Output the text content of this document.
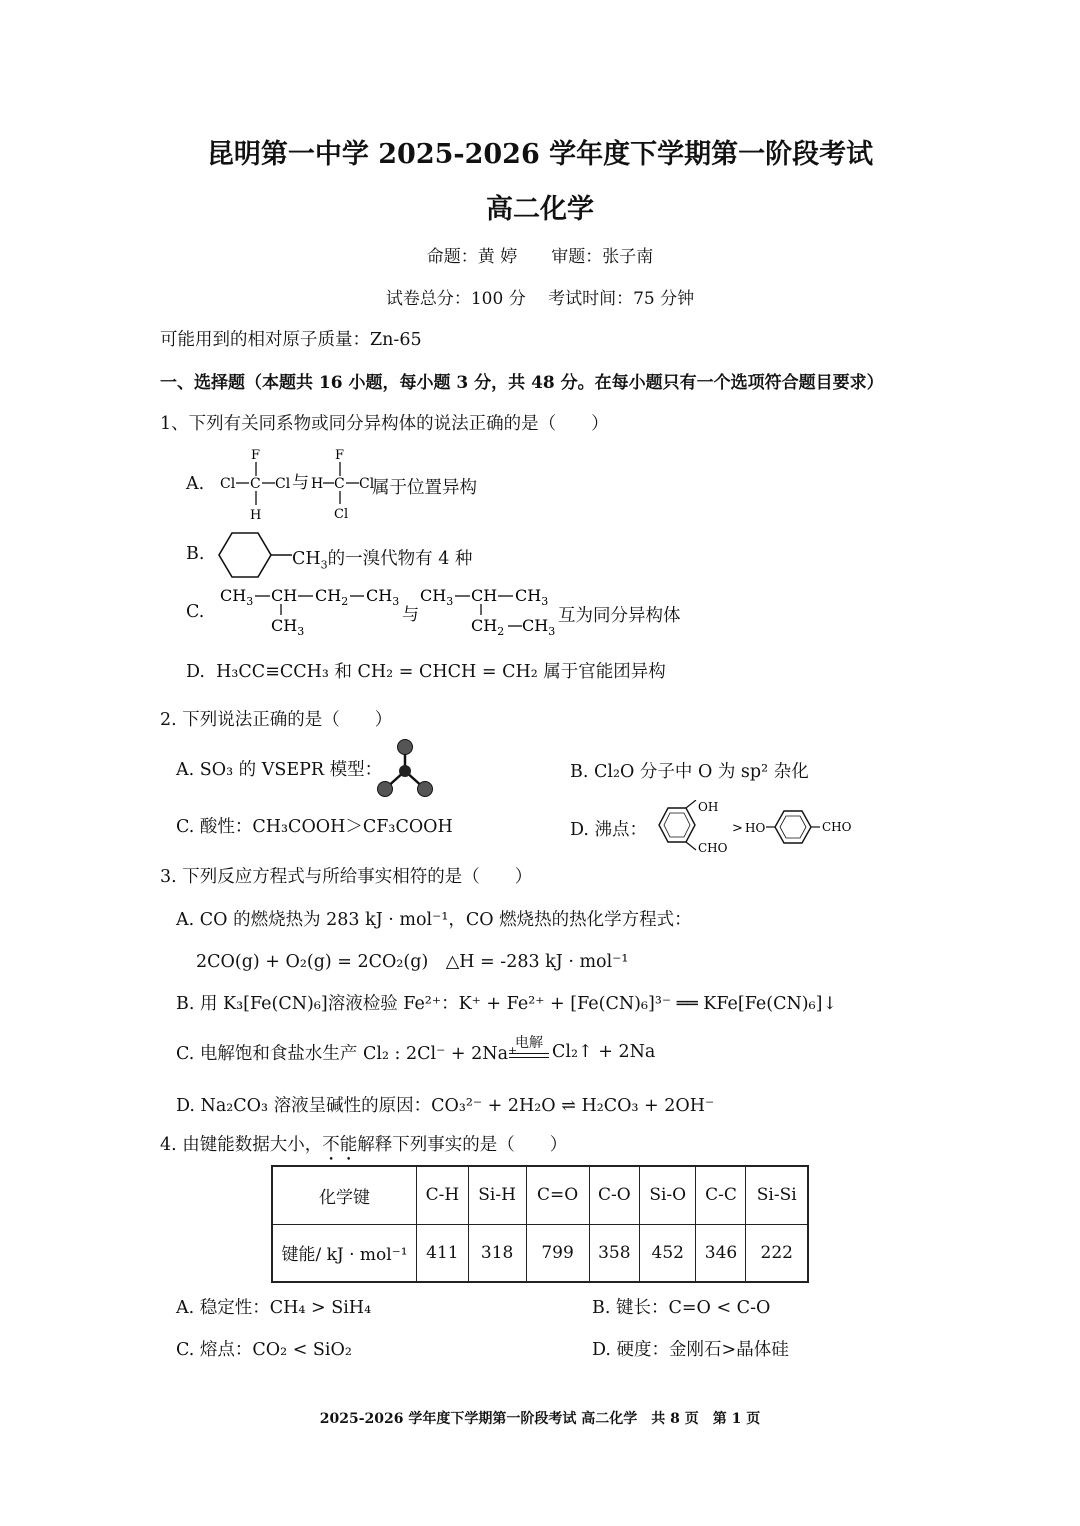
昆明第一中学 2025-2026 学年度下学期第一阶段考试
高二化学
命题：黄 婷　　审题：张子南
试卷总分：100 分　 考试时间：75 分钟
可能用到的相对原子质量：Zn-65
一、选择题（本题共 16 小题，每小题 3 分，共 48 分。在每小题只有一个选项符合题目要求）
1、下列有关同系物或同分异构体的说法正确的是（　　）
A.
F
Cl C Cl
H
与 H
F
C Cl
Cl
属于位置异构
B.	$CH_3$的一溴代物有 4 种
C.
$CH_3$ CH $CH_2$ $CH_3$
$CH_3$
与
$CH_3$ CH $CH_3$
$CH_2$ $CH_3$
互为同分异构体
D. H₃CC≡CCH₃ 和 CH₂ = CHCH = CH₂ 属于官能团异构
2. 下列说法正确的是（　　）
A. SO₃ 的 VSEPR 模型：	B. Cl₂O 分子中 O 为 sp² 杂化
C. 酸性：CH₃COOH＞CF₃COOH	D. 沸点：
OH
CHO
> HO	CHO
3. 下列反应方程式与所给事实相符的是（　　）
A. CO 的燃烧热为 283 kJ · mol⁻¹，CO 燃烧热的热化学方程式：
2CO(g) + O₂(g) = 2CO₂(g)　△H = -283 kJ · mol⁻¹
B. 用 K₃[Fe(CN)₆]溶液检验 Fe²⁺：K⁺ + Fe²⁺ + [Fe(CN)₆]³⁻ ══ KFe[Fe(CN)₆]↓
C. 电解饱和食盐水生产 Cl₂ : 2Cl⁻ + 2Na⁺
电解 Cl₂↑ + 2Na
D. Na₂CO₃ 溶液呈碱性的原因：CO₃²⁻ + 2H₂O ⇌ H₂CO₃ + 2OH⁻
4. 由键能数据大小，不能解释下列事实的是（　　）
化学键	C-H	Si-H	C=O	C-O	Si-O	C-C	Si-Si
键能/ kJ · mol⁻¹	411	318	799	358	452	346	222
A. 稳定性：CH₄ > SiH₄	B. 键长：C=O < C-O
C. 熔点：CO₂ < SiO₂	D. 硬度：金刚石>晶体硅
2025-2026 学年度下学期第一阶段考试 高二化学　共 8 页　第 1 页
